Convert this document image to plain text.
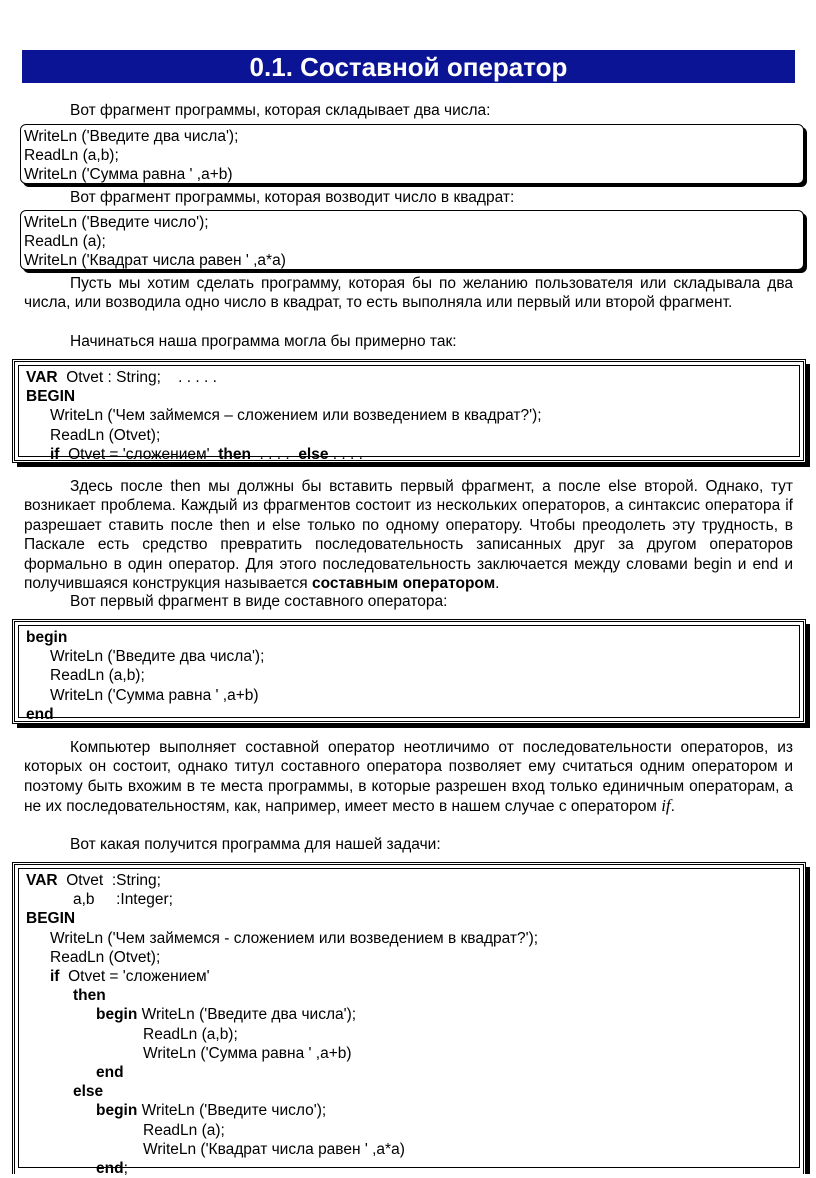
0.1. Составной оператор
Вот фрагмент программы, которая складывает два числа:
WriteLn ('Введите два числа');
ReadLn (a,b);
WriteLn ('Сумма равна ' ,a+b)
Вот фрагмент программы, которая возводит число в квадрат:
WriteLn ('Введите число');
ReadLn (a);
WriteLn ('Квадрат числа равен ' ,a*a)
Пусть мы хотим сделать программу, которая бы по желанию пользователя или складывала два числа, или возводила одно число в квадрат, то есть выполняла или первый или второй фрагмент.
Начинаться наша программа могла бы примерно так:
VAR  Otvet : String;    . . . . .
BEGIN
WriteLn ('Чем займемся – сложением или возведением в квадрат?');
ReadLn (Otvet);
if  Otvet = 'сложением'  then  . . . .  else . . . .
Здесь после then мы должны бы вставить первый фрагмент, а после else второй. Однако, тут возникает проблема. Каждый из фрагментов состоит из нескольких операторов, а синтаксис оператора if разрешает ставить после then и else только по одному оператору. Чтобы преодолеть эту трудность, в Паскале есть средство превратить последовательность записанных друг за другом операторов формально в один оператор. Для этого последовательность заключается между словами begin и end и получившаяся конструкция называется составным оператором.
Вот первый фрагмент в виде составного оператора:
begin
WriteLn ('Введите два числа');
ReadLn (a,b);
WriteLn ('Сумма равна ' ,a+b)
end
Компьютер выполняет составной оператор неотличимо от последовательности операторов, из которых он состоит, однако титул составного оператора позволяет ему считаться одним оператором и поэтому быть вхожим в те места программы, в которые разрешен вход только единичным операторам, а не их последовательностям, как, например, имеет место в нашем случае с оператором if.
Вот какая получится программа для нашей задачи:
VAR  Otvet  :String;
a,b     :Integer;
BEGIN
WriteLn ('Чем займемся - сложением или возведением в квадрат?');
ReadLn (Otvet);
if  Otvet = 'сложением'
then
begin WriteLn ('Введите два числа');
ReadLn (a,b);
WriteLn ('Сумма равна ' ,a+b)
end
else
begin WriteLn ('Введите число');
ReadLn (a);
WriteLn ('Квадрат числа равен ' ,a*a)
end;
